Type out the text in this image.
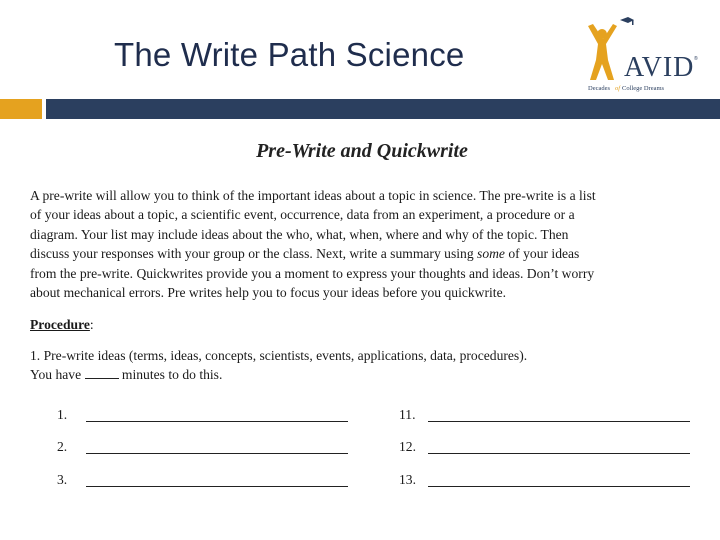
The Write Path Science	AVID ®
Decades of College Dreams
Pre-Write and Quickwrite
A pre-write will allow you to think of the important ideas about a topic in science. The pre-write is a list
of your ideas about a topic, a scientific event, occurrence, data from an experiment, a procedure or a
diagram. Your list may include ideas about the who, what, when, where and why of the topic. Then
discuss your responses with your group or the class. Next, write a summary using some of your ideas
from the pre-write. Quickwrites provide you a moment to express your thoughts and ideas. Don’t worry
about mechanical errors. Pre writes help you to focus your ideas before you quickwrite.
Procedure:
1. Pre-write ideas (terms, ideas, concepts, scientists, events, applications, data, procedures).
You have	minutes to do this.
1.
2.
3.
11.
12.
13.
